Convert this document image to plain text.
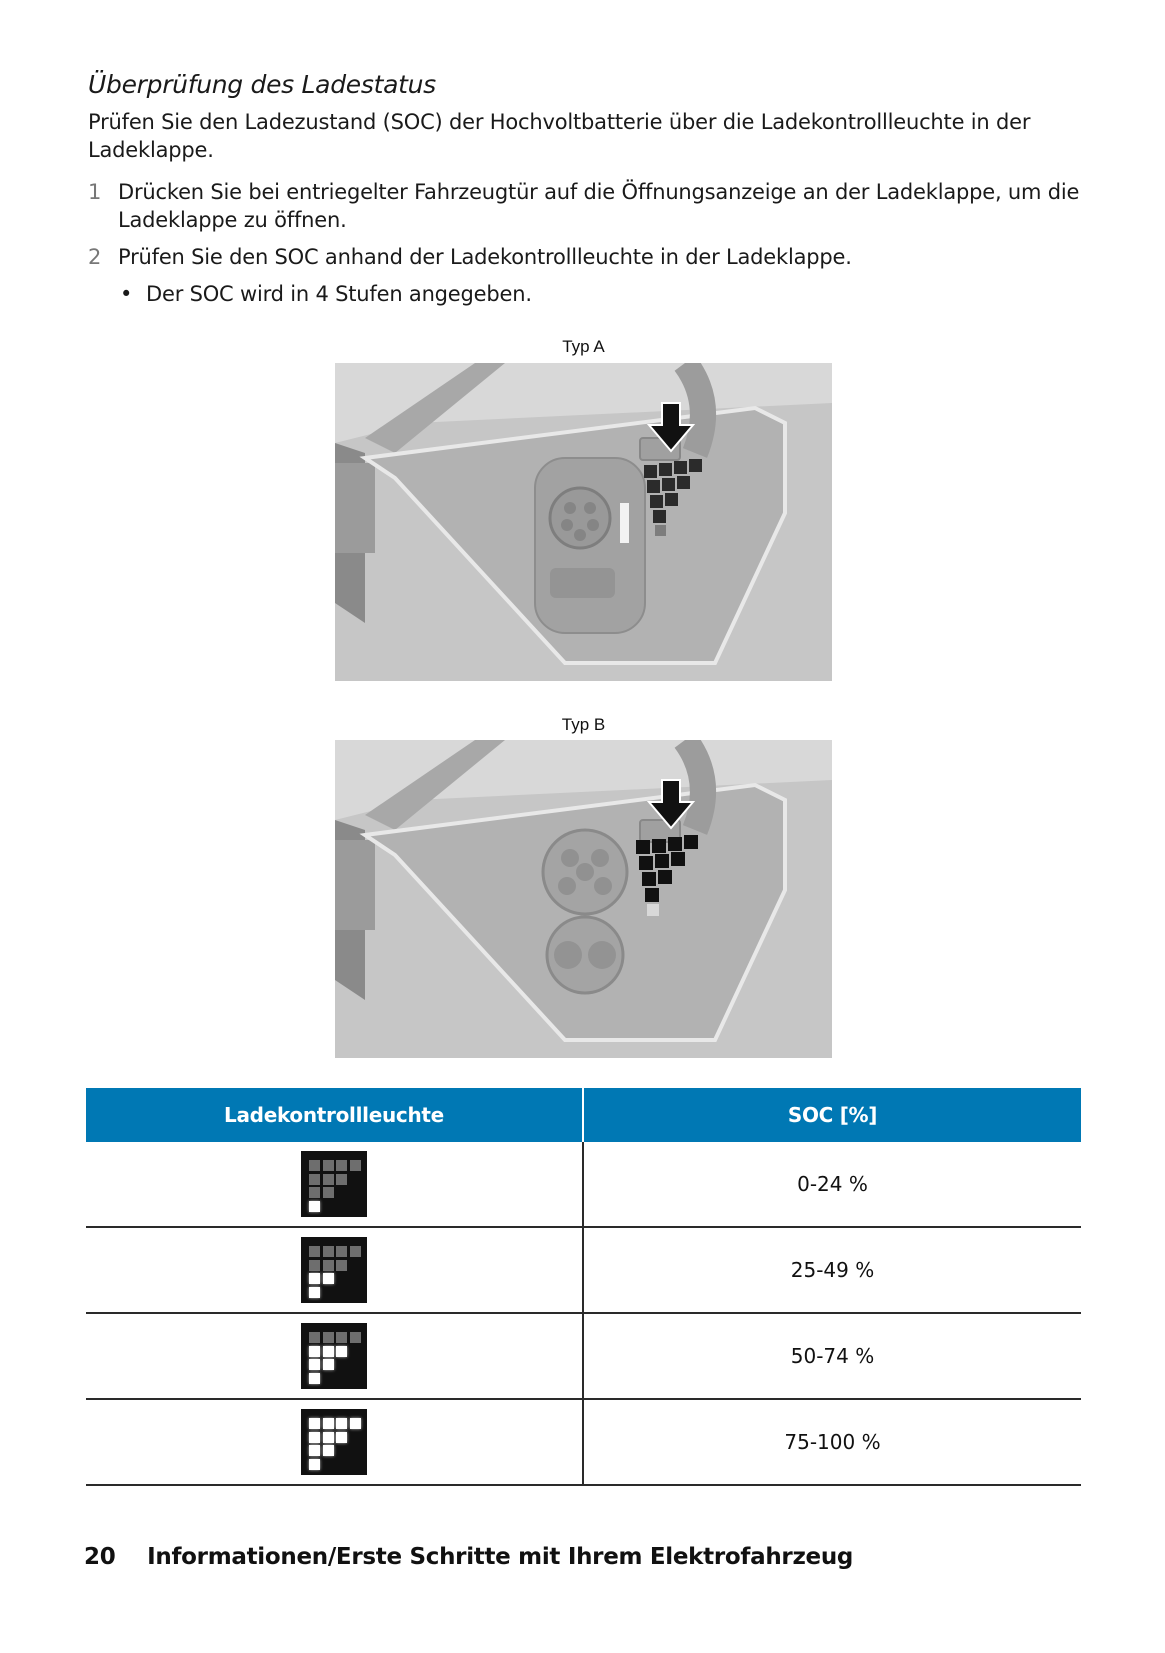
Überprüfung des Ladestatus

Prüfen Sie den Ladezustand (SOC) der Hochvoltbatterie über die Ladekontrollleuchte in der Ladeklappe.

1 Drücken Sie bei entriegelter Fahrzeugtür auf die Öffnungsanzeige an der Ladeklappe, um die Ladeklappe zu öffnen.
2 Prüfen Sie den SOC anhand der Ladekontrollleuchte in der Ladeklappe.
• Der SOC wird in 4 Stufen angegeben.
Typ A
Typ B
Ladekontrollleuchte	SOC [%]

	0-24 %

	25-49 %

	50-74 %

	75-100 %
20 Informationen/Erste Schritte mit Ihrem Elektrofahrzeug
